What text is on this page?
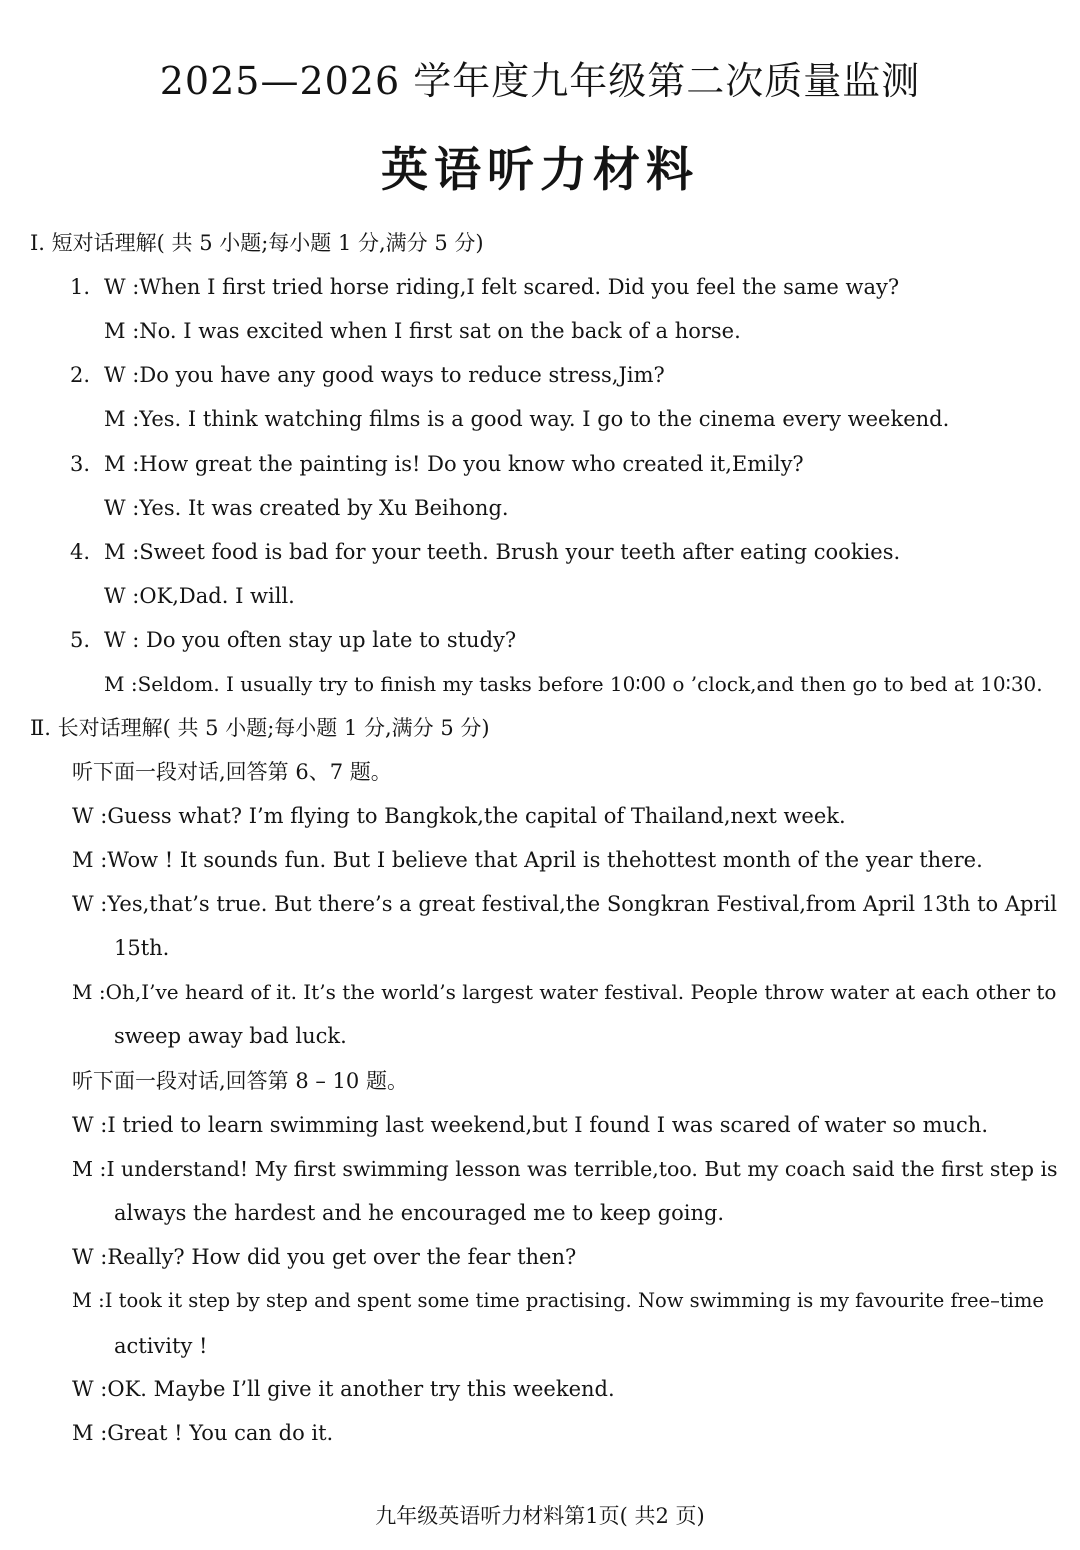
2025—2026 学年度九年级第二次质量监测
英语听力材料
Ⅰ. 短对话理解( 共 5 小题;每小题 1 分,满分 5 分)
1. W :When I first tried horse riding,I felt scared. Did you feel the same way?
M :No. I was excited when I first sat on the back of a horse.
2. W :Do you have any good ways to reduce stress,Jim?
M :Yes. I think watching films is a good way. I go to the cinema every weekend.
3. M :How great the painting is! Do you know who created it,Emily?
W :Yes. It was created by Xu Beihong.
4. M :Sweet food is bad for your teeth. Brush your teeth after eating cookies.
W :OK,Dad. I will.
5. W : Do you often stay up late to study?
M :Seldom. I usually try to finish my tasks before 10∶00 o ’clock,and then go to bed at 10∶30.
Ⅱ. 长对话理解( 共 5 小题;每小题 1 分,满分 5 分)
听下面一段对话,回答第 6、7 题。
W :Guess what? I’m flying to Bangkok,the capital of Thailand,next week.
M :Wow ! It sounds fun. But I believe that April is thehottest month of the year there.
W :Yes,that’s true. But there’s a great festival,the Songkran Festival,from April 13th to April
15th.
M :Oh,I’ve heard of it. It’s the world’s largest water festival. People throw water at each other to
sweep away bad luck.
听下面一段对话,回答第 8 – 10 题。
W :I tried to learn swimming last weekend,but I found I was scared of water so much.
M :I understand! My first swimming lesson was terrible,too. But my coach said the first step is
always the hardest and he encouraged me to keep going.
W :Really? How did you get over the fear then?
M :I took it step by step and spent some time practising. Now swimming is my favourite free–time
activity !
W :OK. Maybe I’ll give it another try this weekend.
M :Great ! You can do it.
九年级英语听力材料第1页( 共2 页)
